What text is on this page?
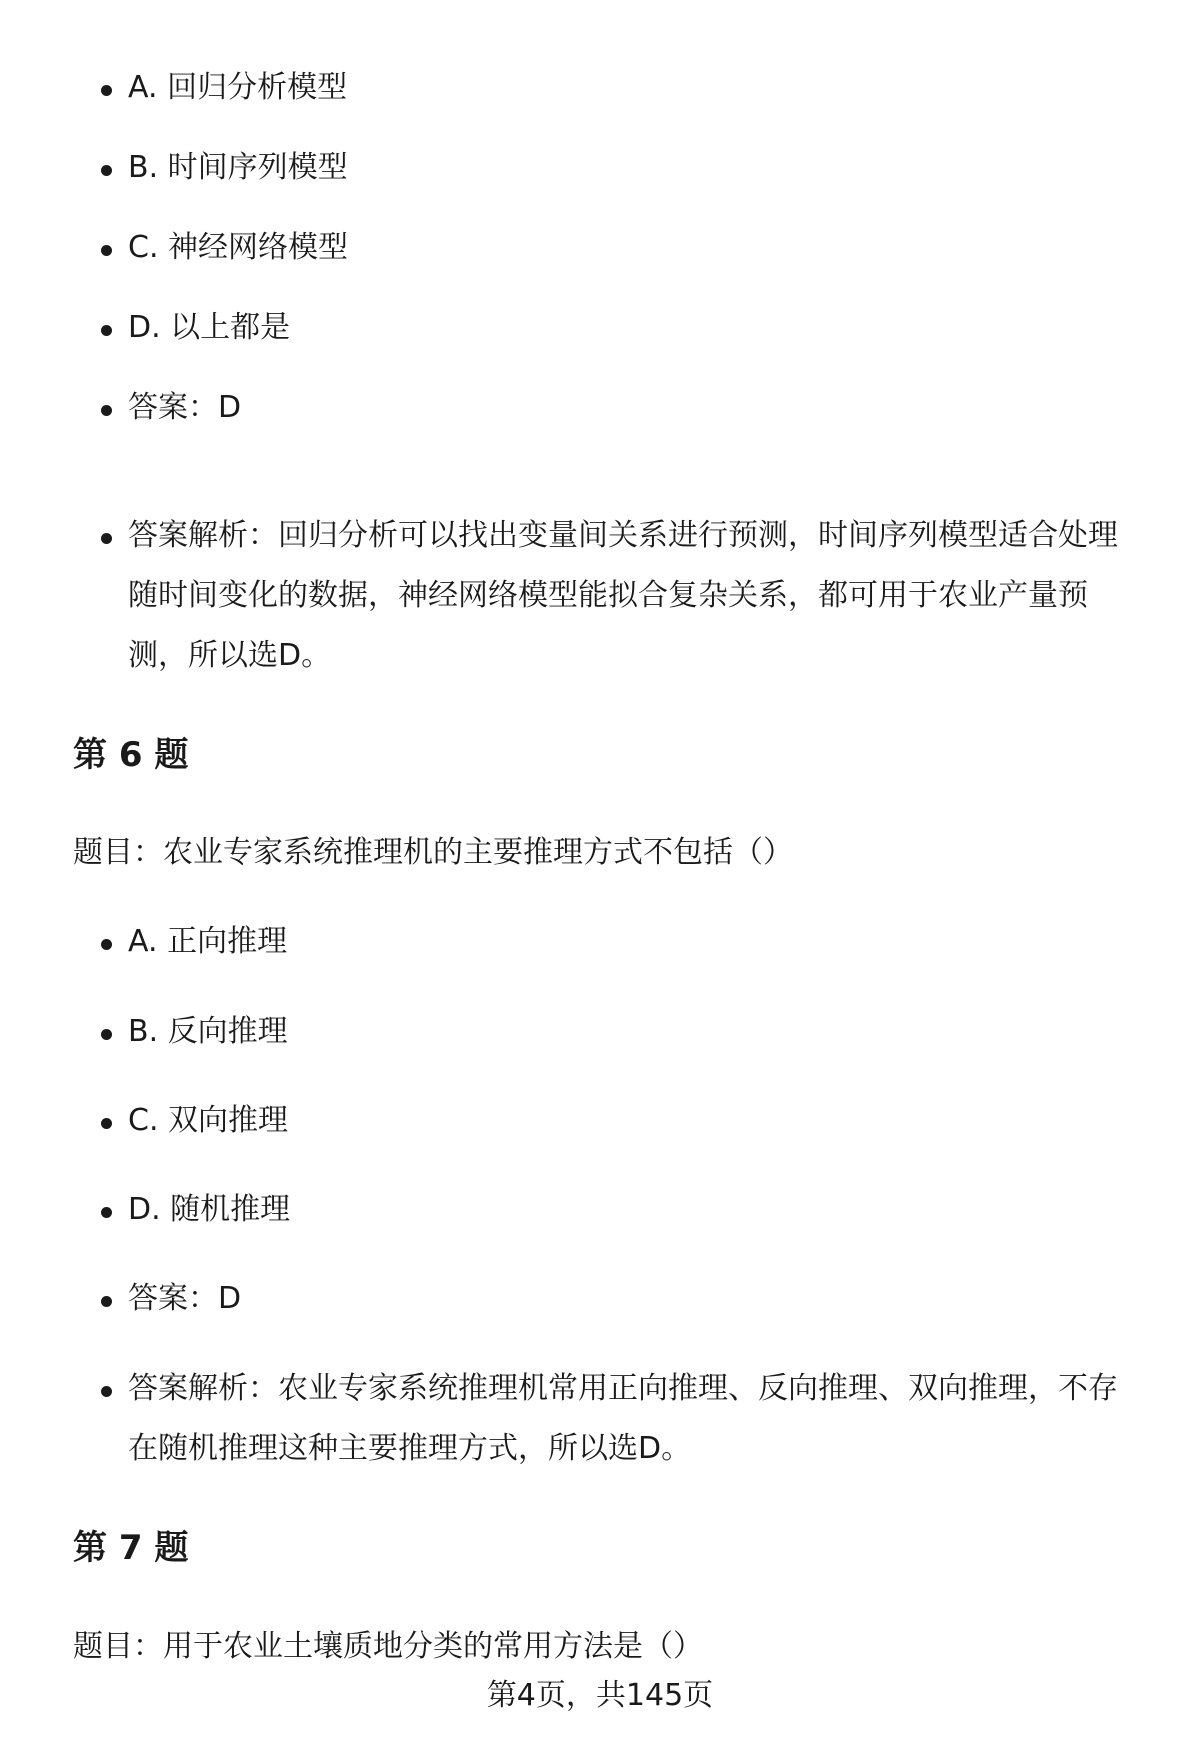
A. 回归分析模型
B. 时间序列模型
C. 神经网络模型
D. 以上都是
答案：D
答案解析：回归分析可以找出变量间关系进行预测，时间序列模型适合处理随时间变化的数据，神经网络模型能拟合复杂关系，都可用于农业产量预测，所以选D。
第 6 题
题目：农业专家系统推理机的主要推理方式不包括（）
A. 正向推理
B. 反向推理
C. 双向推理
D. 随机推理
答案：D
答案解析：农业专家系统推理机常用正向推理、反向推理、双向推理，不存在随机推理这种主要推理方式，所以选D。
第 7 题
题目：用于农业土壤质地分类的常用方法是（）
第4页，共145页
